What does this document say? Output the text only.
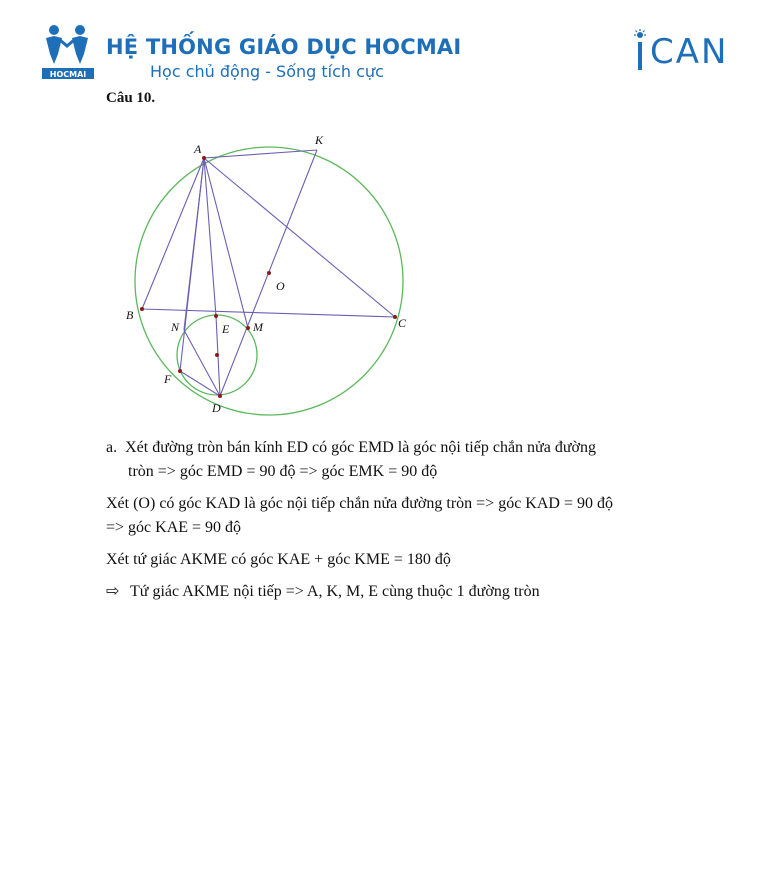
HOCMAI
HỆ THỐNG GIÁO DỤC HOCMAI

Học chủ động - Sống tích cực	CAN
Câu 10.
A
K
O
B
C
N	E M
F
D

a. Xét đường tròn bán kính ED có góc EMD là góc nội tiếp chắn nửa đường

tròn => góc EMD = 90 độ => góc EMK = 90 độ

Xét (O) có góc KAD là góc nội tiếp chắn nửa đường tròn => góc KAD = 90 độ

=> góc KAE = 90 độ

Xét tứ giác AKME có góc KAE + góc KME = 180 độ

⇨ Tứ giác AKME nội tiếp => A, K, M, E cùng thuộc 1 đường tròn
